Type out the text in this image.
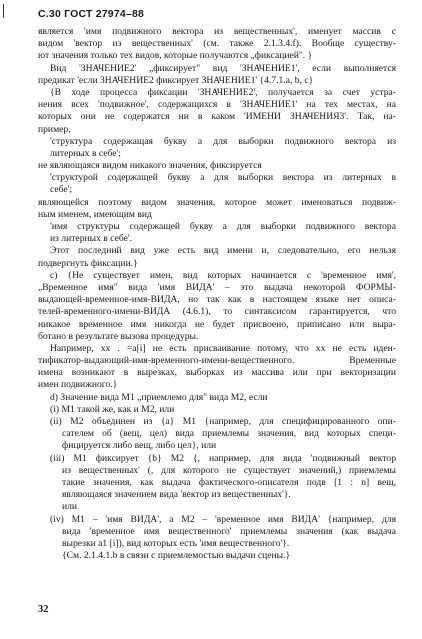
С.30 ГОСТ 27974–88
является 'имя подвижного вектора из вещественных', именует массив с
видом 'вектор из вещественных' (см. также 2.1.3.4.f). Вообще существу-
ют значения только тех видов, которые получаются „фиксацией". }
Вид 'ЗНАЧЕНИЕ2' „фиксирует" вид 'ЗНАЧЕНИЕ1', если выполняется
предикат 'если ЗНАЧЕНИЕ2 фиксирует ЗНАЧЕНИЕ1' {4.7.1.a, b, c}
{В ходе процесса фиксации 'ЗНАЧЕНИЕ2', получается за счет устра-
нения всех 'подвижное', содержащихся в 'ЗНАЧЕНИЕ1' на тех местах, на
которых они не содержатся ни в каком 'ИМЕНИ ЗНАЧЕНИЯ3'. Так, на-
пример,
'структура содержащая букву а для выборки подвижного вектора из
литерных в себе';
не являющаяся видом никакого значения, фиксируется
'структурой содержащей букву а для выборки вектора из литерных в
себе';
являющейся поэтому видом значения, которое может именоваться подвиж-
ным именем, имеющим вид
'имя структуры содержащей букву а для выборки подвижного вектора
из литерных в себе'.
Этот последний вид уже есть вид имени и, следовательно, его нельзя
подвергнуть фиксации.}
c) {Не существует имен, вид которых начинается с 'временное имя',
„Временное имя" вида 'имя ВИДА' – это выдача некоторой ФОРМЫ-
выдающей-временное-имя-ВИДА, но так как в настоящем языке нет описа-
телей-временного-имени-ВИДА (4.6.1), то синтаксисом гарантируется, что
никакое временное имя никогда не будет присвоено, приписано или выра-
ботано в результате вызова процедуры.
Например, xx . =a[i] не есть присваивание потому, что xx не есть иден-
тификатор-выдающий-имя-временного-имени-вещественного. Временные
имена возникают в вырезках, выборках из массива или при векторизации
имен подвижного.}
d) Значение вида M1 „приемлемо для" вида M2, если
(i) M1 такой же, как и M2, или
(ii) M2 объединен из {a} M1 {например, для специфицированного опи-
сателем об (вещ, цел) вида приемлемы значения, вид которых специ-
фицируется либо вещ, либо цел}, или
(iii) M1 фиксирует {b} M2 {, например, для вида 'подвижный вектор
из вещественных' (, для которого не существует значений,) приемлемы
такие значения, как выдача фактического-описателя подв [1 : n] вещ,
являющаяся значением вида 'вектор из вещественных'}.
или
(iv) M1 – 'имя ВИДА', а M2 – 'временное имя ВИДА' {например, для
вида 'временное имя вещественного' приемлемы значения (как выдача
вырезки a1 [i]), вид которых есть 'имя вещественного'}.
{См. 2.1.4.1.b в связи с приемлемостью выдачи сцены.}
32
